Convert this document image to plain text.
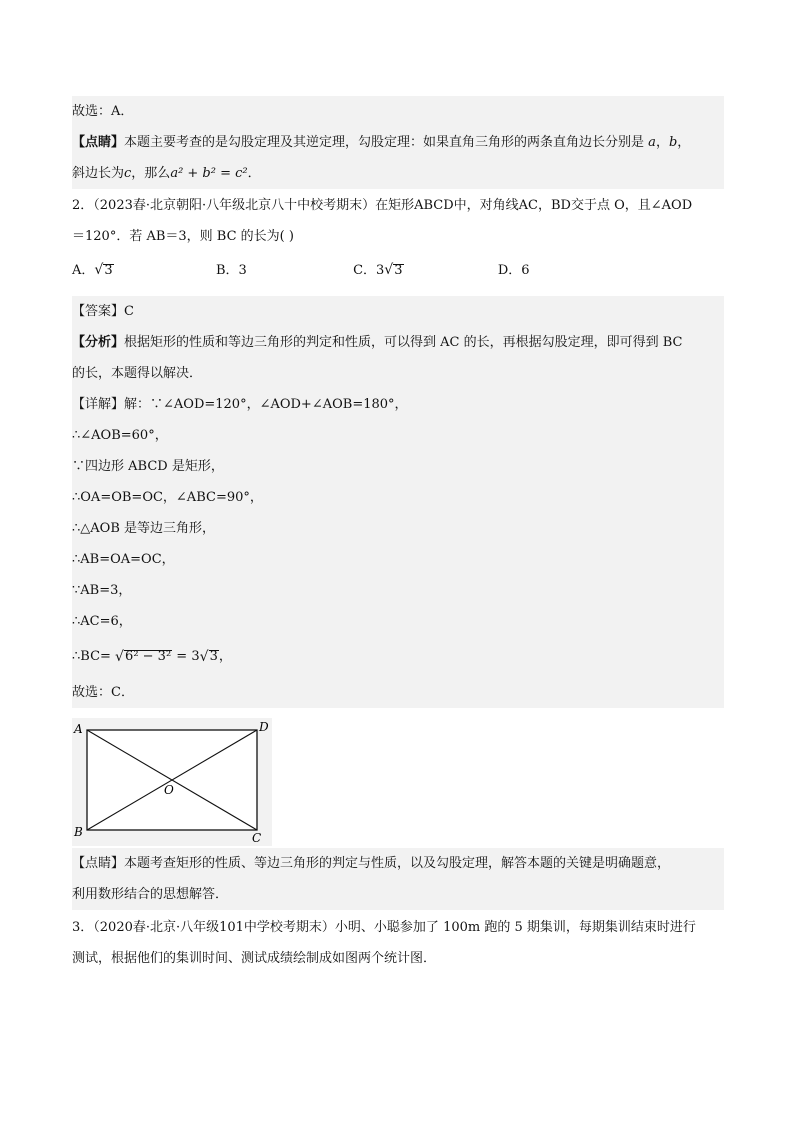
故选：A．
【点睛】本题主要考查的是勾股定理及其逆定理，勾股定理：如果直角三角形的两条直角边长分别是 a，b，
斜边长为c，那么a² + b² = c²．
2．（2023春·北京朝阳·八年级北京八十中校考期末）在矩形ABCD中，对角线AC，BD交于点 O，且∠AOD
＝120°．若 AB＝3，则 BC 的长为( )
A． √ 3	B．3	C．3 √ 3	D．6
【答案】C
【分析】根据矩形的性质和等边三角形的判定和性质，可以得到 AC 的长，再根据勾股定理，即可得到 BC
的长，本题得以解决．
【详解】解：∵∠AOD=120°，∠AOD+∠AOB=180°，
∴∠AOB=60°，
∵四边形 ABCD 是矩形，
∴OA=OB=OC，∠ABC=90°，
∴△AOB 是等边三角形，
∴AB=OA=OC，
∵AB=3，
∴AC=6，
∴BC= √ 6² − 3² = 3 √ 3，
故选：C．
A	D
B	C
O
【点睛】本题考查矩形的性质、等边三角形的判定与性质，以及勾股定理，解答本题的关键是明确题意，
利用数形结合的思想解答．
3．（2020春·北京·八年级101中学校考期末）小明、小聪参加了 100m 跑的 5 期集训，每期集训结束时进行
测试，根据他们的集训时间、测试成绩绘制成如图两个统计图．
